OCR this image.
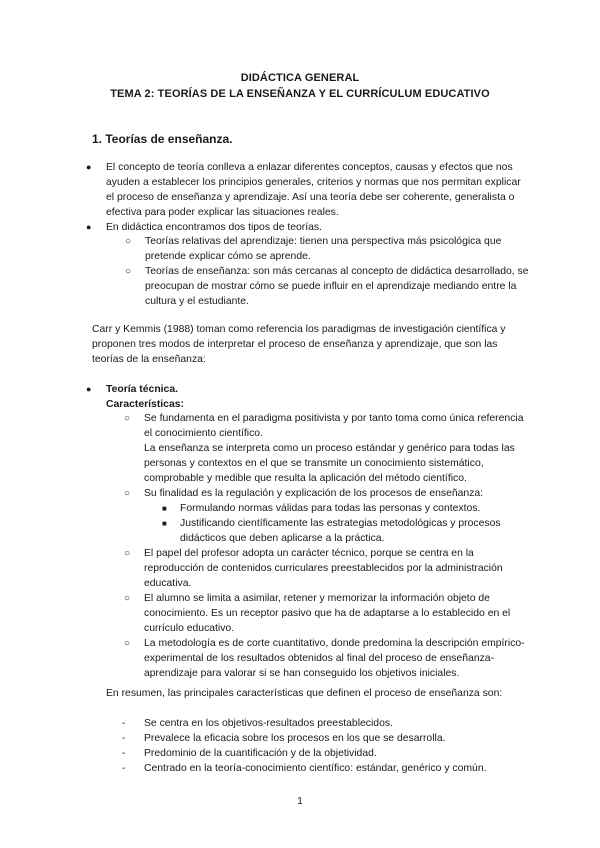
DIDÁCTICA GENERAL
TEMA 2: TEORÍAS DE LA ENSEÑANZA Y EL CURRÍCULUM EDUCATIVO
1. Teorías de enseñanza.
● El concepto de teoría conlleva a enlazar diferentes conceptos, causas y efectos que nos ayuden a establecer los principios generales, criterios y normas que nos permitan explicar el proceso de enseñanza y aprendizaje. Así una teoría debe ser coherente, generalista o efectiva para poder explicar las situaciones reales.
● En didáctica encontramos dos tipos de teorías.
○ Teorías relativas del aprendizaje: tienen una perspectiva más psicológica que pretende explicar cómo se aprende.
○ Teorías de enseñanza: son más cercanas al concepto de didáctica desarrollado, se preocupan de mostrar cómo se puede influir en el aprendizaje mediando entre la cultura y el estudiante.
Carr y Kemmis (1988) toman como referencia los paradigmas de investigación científica y proponen tres modos de interpretar el proceso de enseñanza y aprendizaje, que son las teorías de la enseñanza:
● Teoría técnica.
Características:
○ Se fundamenta en el paradigma positivista y por tanto toma como única referencia el conocimiento científico.
La enseñanza se interpreta como un proceso estándar y genérico para todas las personas y contextos en el que se transmite un conocimiento sistemático, comprobable y medible que resulta la aplicación del método científico.
○ Su finalidad es la regulación y explicación de los procesos de enseñanza:
■ Formulando normas válidas para todas las personas y contextos.
■ Justificando científicamente las estrategias metodológicas y procesos didácticos que deben aplicarse a la práctica.
○ El papel del profesor adopta un carácter técnico, porque se centra en la reproducción de contenidos curriculares preestablecidos por la administración educativa.
○ El alumno se limita a asimilar, retener y memorizar la información objeto de conocimiento. Es un receptor pasivo que ha de adaptarse a lo establecido en el currículo educativo.
○ La metodología es de corte cuantitativo, donde predomina la descripción empírico-experimental de los resultados obtenidos al final del proceso de enseñanza-aprendizaje para valorar si se han conseguido los objetivos iniciales.
En resumen, las principales características que definen el proceso de enseñanza son:
- Se centra en los objetivos-resultados preestablecidos.
- Prevalece la eficacia sobre los procesos en los que se desarrolla.
- Predominio de la cuantificación y de la objetividad.
- Centrado en la teoría-conocimiento científico: estándar, genérico y común.
1
